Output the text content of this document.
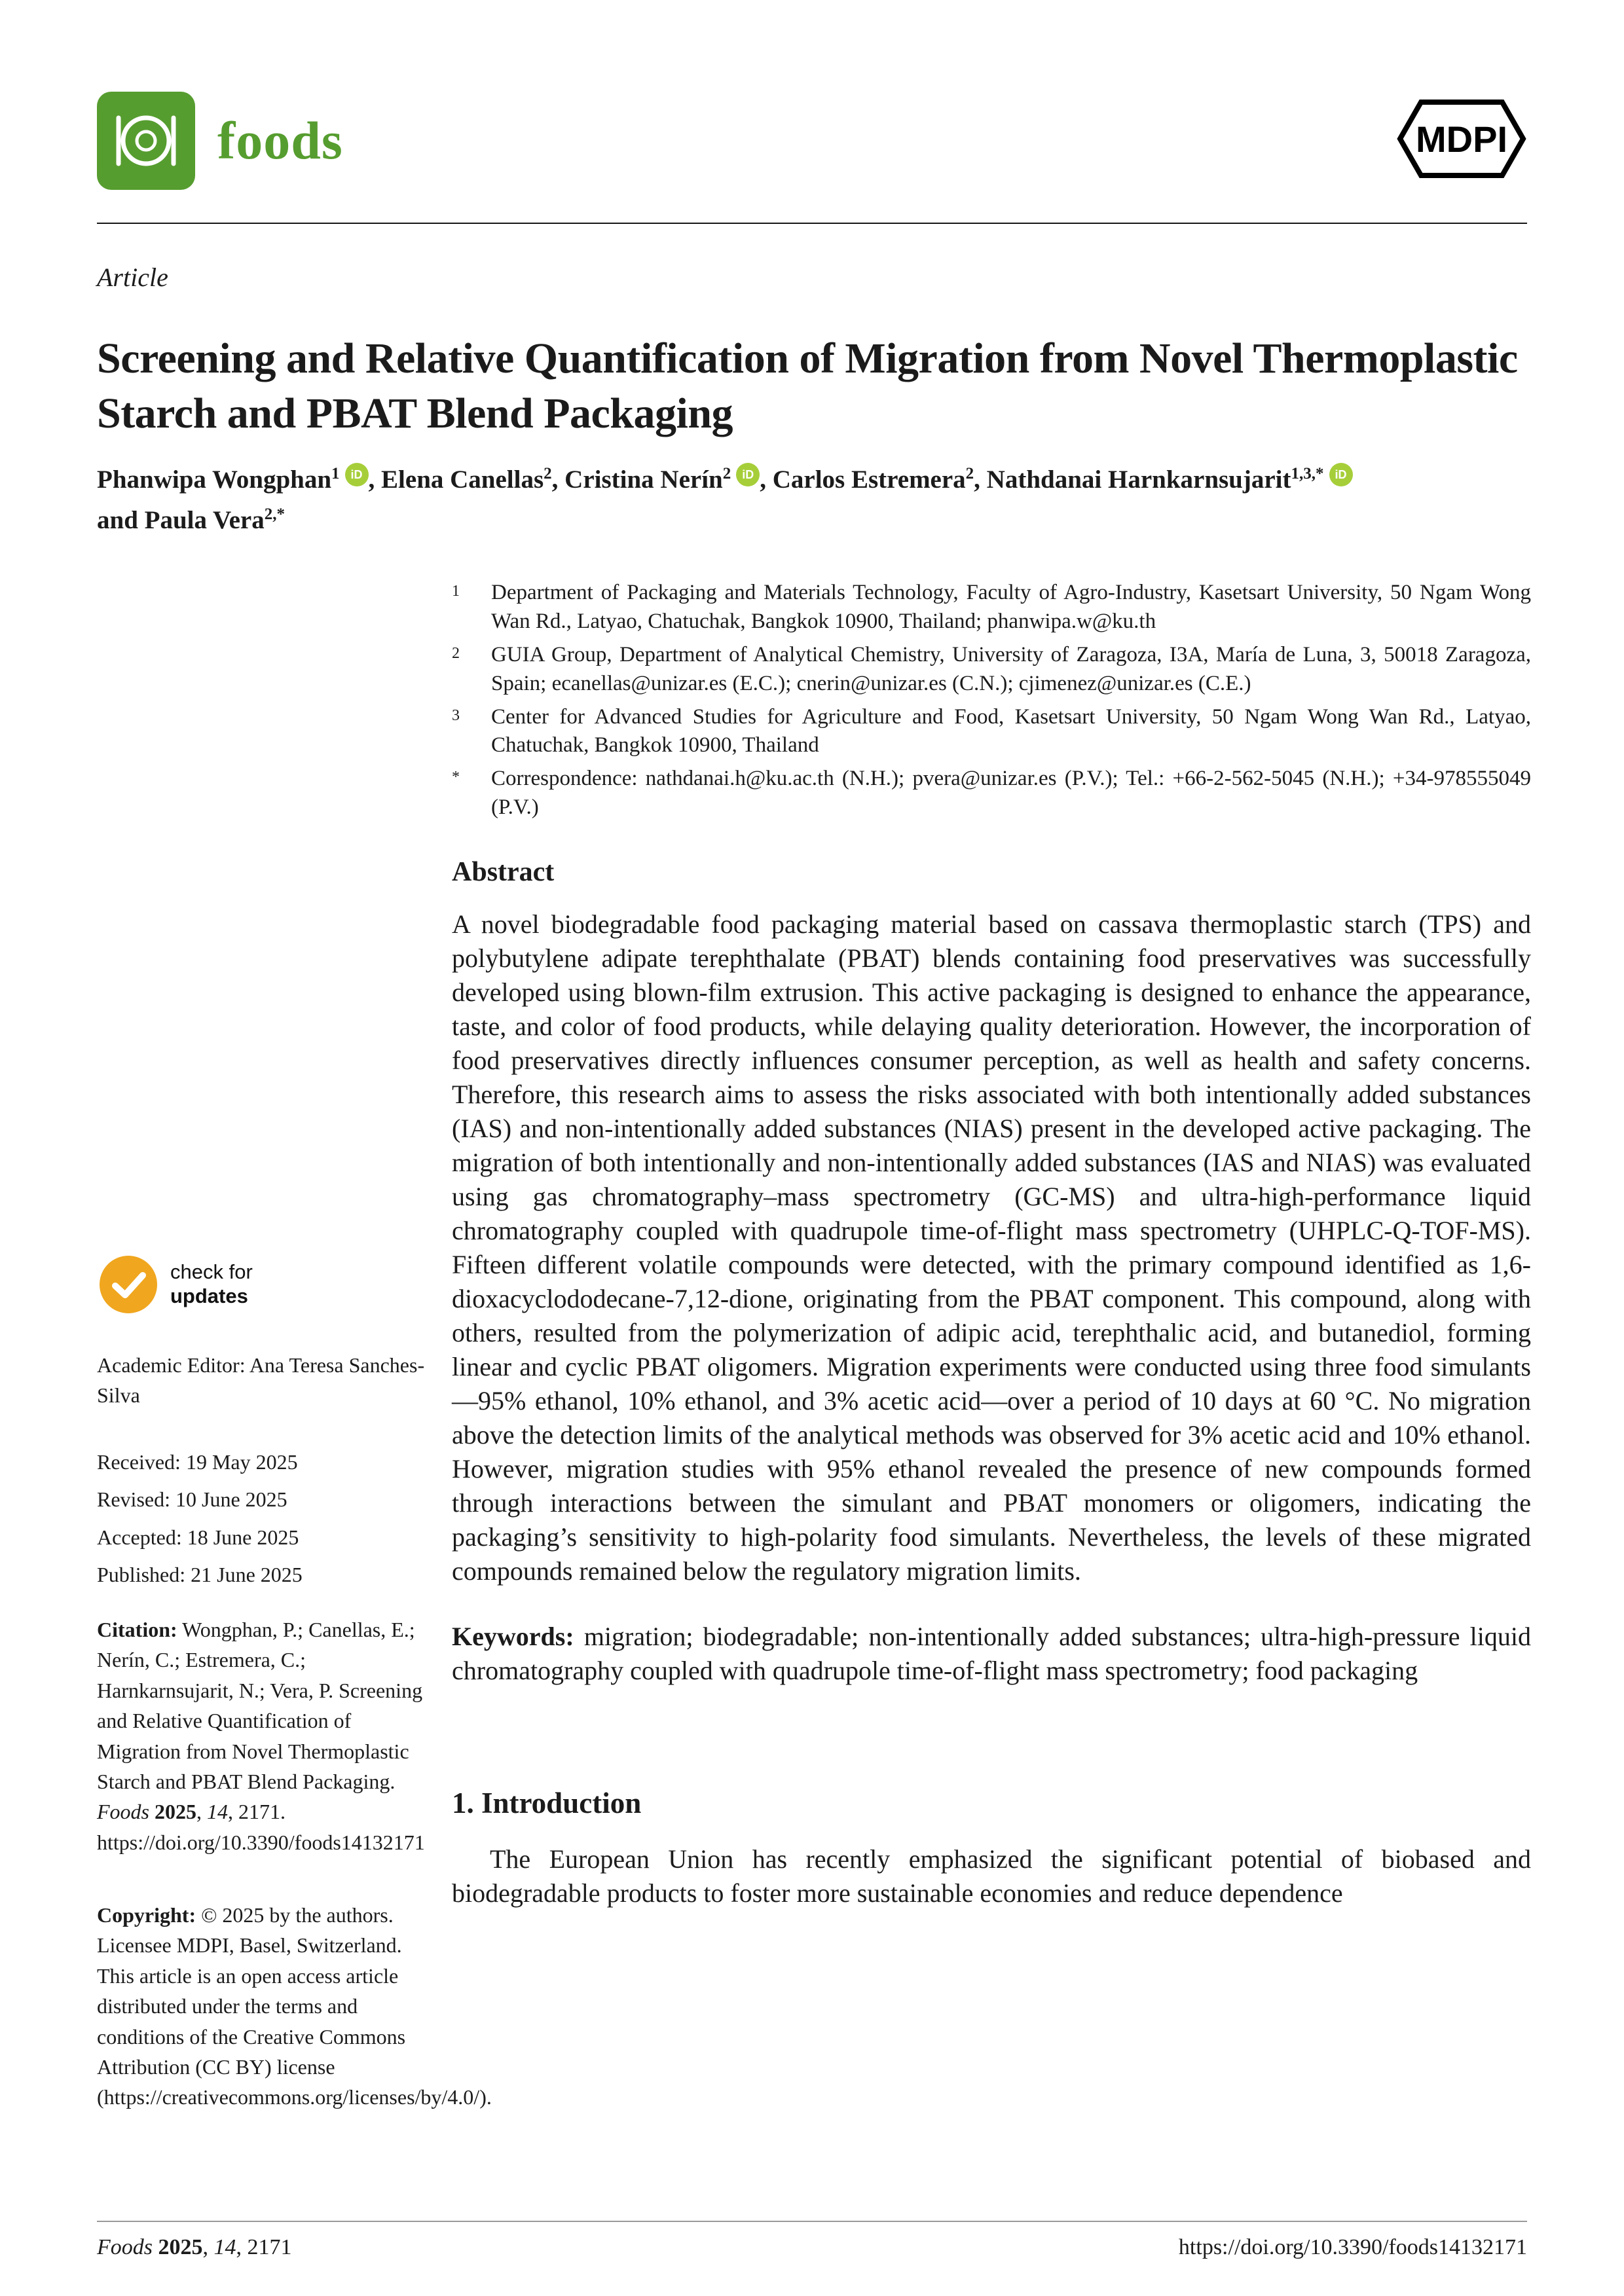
foods	MDPI
Article
Screening and Relative Quantification of Migration from Novel Thermoplastic Starch and PBAT Blend Packaging
Phanwipa Wongphan$^1$ iD , Elena Canellas$^2$, Cristina Nerín$^2$ iD , Carlos Estremera$^2$, Nathdanai Harnkarnsujarit$^{1,3,*}$ iD
and Paula Vera$^{2,*}$
1	Department of Packaging and Materials Technology, Faculty of Agro-Industry, Kasetsart University, 50 Ngam Wong Wan Rd., Latyao, Chatuchak, Bangkok 10900, Thailand; phanwipa.w@ku.th
2	GUIA Group, Department of Analytical Chemistry, University of Zaragoza, I3A, María de Luna, 3, 50018 Zaragoza, Spain; ecanellas@unizar.es (E.C.); cnerin@unizar.es (C.N.); cjimenez@unizar.es (C.E.)
3	Center for Advanced Studies for Agriculture and Food, Kasetsart University, 50 Ngam Wong Wan Rd., Latyao, Chatuchak, Bangkok 10900, Thailand
*	Correspondence: nathdanai.h@ku.ac.th (N.H.); pvera@unizar.es (P.V.); Tel.: +66-2-562-5045 (N.H.); +34-978555049 (P.V.)
Abstract

A novel biodegradable food packaging material based on cassava thermoplastic starch (TPS) and polybutylene adipate terephthalate (PBAT) blends containing food preservatives was successfully developed using blown-film extrusion. This active packaging is designed to enhance the appearance, taste, and color of food products, while delaying quality deterioration. However, the incorporation of food preservatives directly influences consumer perception, as well as health and safety concerns. Therefore, this research aims to assess the risks associated with both intentionally added substances (IAS) and non-intentionally added substances (NIAS) present in the developed active packaging. The migration of both intentionally and non-intentionally added substances (IAS and NIAS) was evaluated using gas chromatography–mass spectrometry (GC-MS) and ultra-high-performance liquid chromatography coupled with quadrupole time-of-flight mass spectrometry (UHPLC-Q-TOF-MS). Fifteen different volatile compounds were detected, with the primary compound identified as 1,6-dioxacyclododecane-7,12-dione, originating from the PBAT component. This compound, along with others, resulted from the polymerization of adipic acid, terephthalic acid, and butanediol, forming linear and cyclic PBAT oligomers. Migration experiments were conducted using three food simulants—95% ethanol, 10% ethanol, and 3% acetic acid—over a period of 10 days at 60 °C. No migration above the detection limits of the analytical methods was observed for 3% acetic acid and 10% ethanol. However, migration studies with 95% ethanol revealed the presence of new compounds formed through interactions between the simulant and PBAT monomers or oligomers, indicating the packaging’s sensitivity to high-polarity food simulants. Nevertheless, the levels of these migrated compounds remained below the regulatory migration limits.

Keywords: migration; biodegradable; non-intentionally added substances; ultra-high-pressure liquid chromatography coupled with quadrupole time-of-flight mass spectrometry; food packaging

1. Introduction

The European Union has recently emphasized the significant potential of biobased and biodegradable products to foster more sustainable economies and reduce dependence

check for
updates
Academic Editor: Ana Teresa Sanches-Silva
Received: 19 May 2025
Revised: 10 June 2025
Accepted: 18 June 2025
Published: 21 June 2025
Citation: Wongphan, P.; Canellas, E.; Nerín, C.; Estremera, C.; Harnkarnsujarit, N.; Vera, P. Screening and Relative Quantification of Migration from Novel Thermoplastic Starch and PBAT Blend Packaging. Foods 2025, 14, 2171. https://doi.org/10.3390/foods14132171
Copyright: © 2025 by the authors. Licensee MDPI, Basel, Switzerland. This article is an open access article distributed under the terms and conditions of the Creative Commons Attribution (CC BY) license (https://creativecommons.org/licenses/by/4.0/).
Foods 2025, 14, 2171	https://doi.org/10.3390/foods14132171
